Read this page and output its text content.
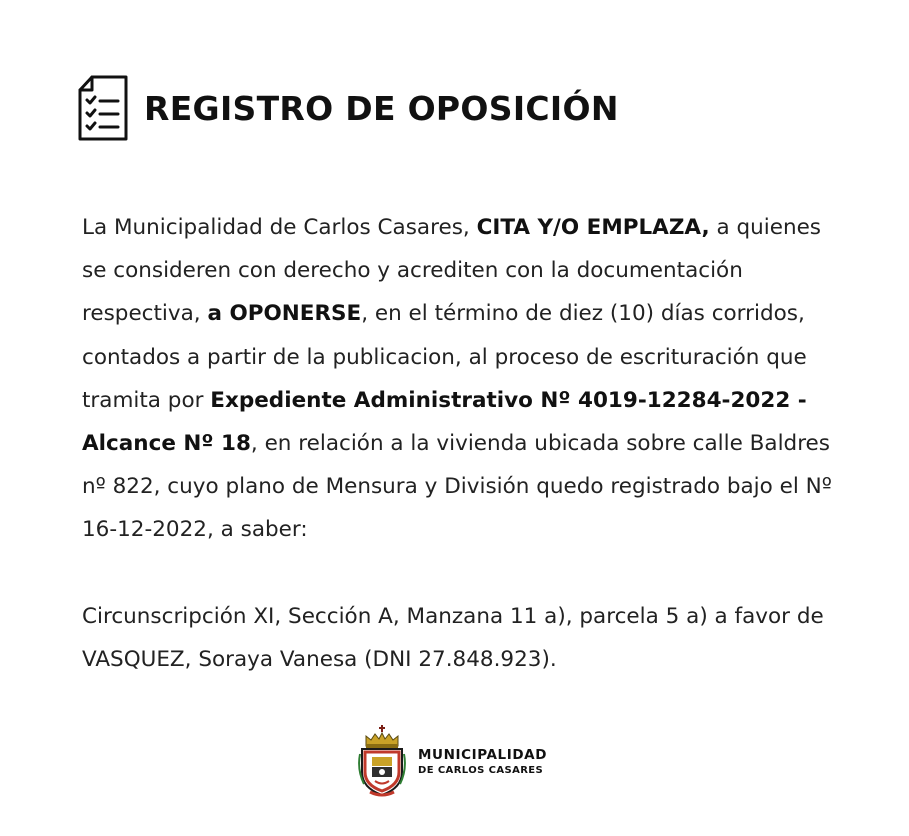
REGISTRO DE OPOSICIÓN

La Municipalidad de Carlos Casares, CITA Y/O EMPLAZA, a quienes se consideren con derecho y acrediten con la documentación respectiva, a OPONERSE, en el término de diez (10) días corridos, contados a partir de la publicacion, al proceso de escrituración que tramita por Expediente Administrativo Nº 4019-12284-2022 - Alcance Nº 18, en relación a la vivienda ubicada sobre calle Baldres nº 822, cuyo plano de Mensura y División quedo registrado bajo el Nº 16-12-2022, a saber:

Circunscripción XI, Sección A, Manzana 11 a), parcela 5 a) a favor de VASQUEZ, Soraya Vanesa (DNI 27.848.923).

MUNICIPALIDAD
DE CARLOS CASARES
